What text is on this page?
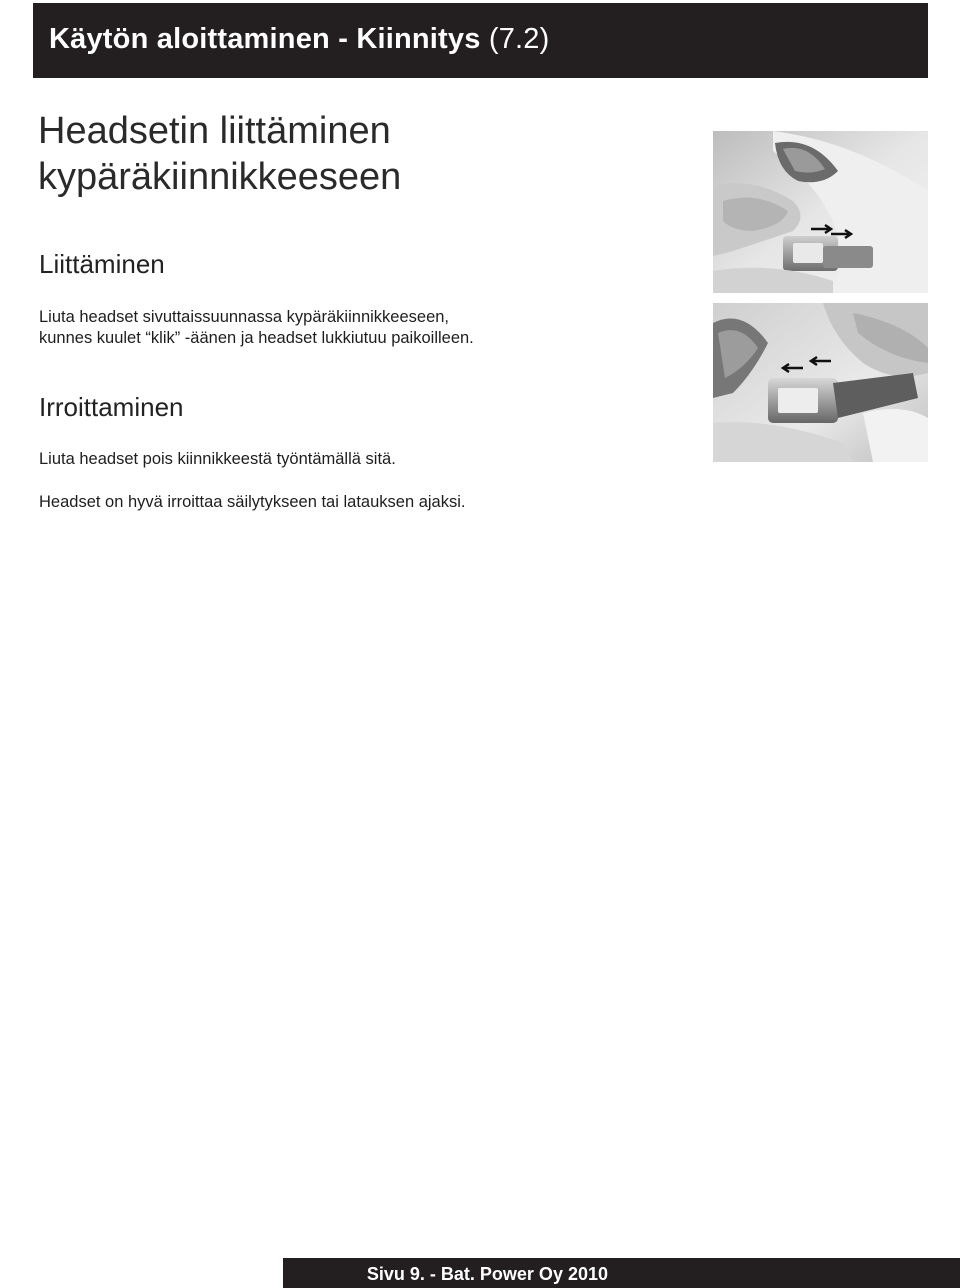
Käytön aloittaminen - Kiinnitys (7.2)
Headsetin liittäminen
kypäräkiinnikkeeseen
Liittäminen

Liuta headset sivuttaissuunnassa kypäräkiinnikkeeseen,

kunnes kuulet “klik” -äänen ja headset lukkiutuu paikoilleen.

Irroittaminen

Liuta headset pois kiinnikkeestä työntämällä sitä.

Headset on hyvä irroittaa säilytykseen tai latauksen ajaksi.

Sivu 9. - Bat. Power Oy 2010
